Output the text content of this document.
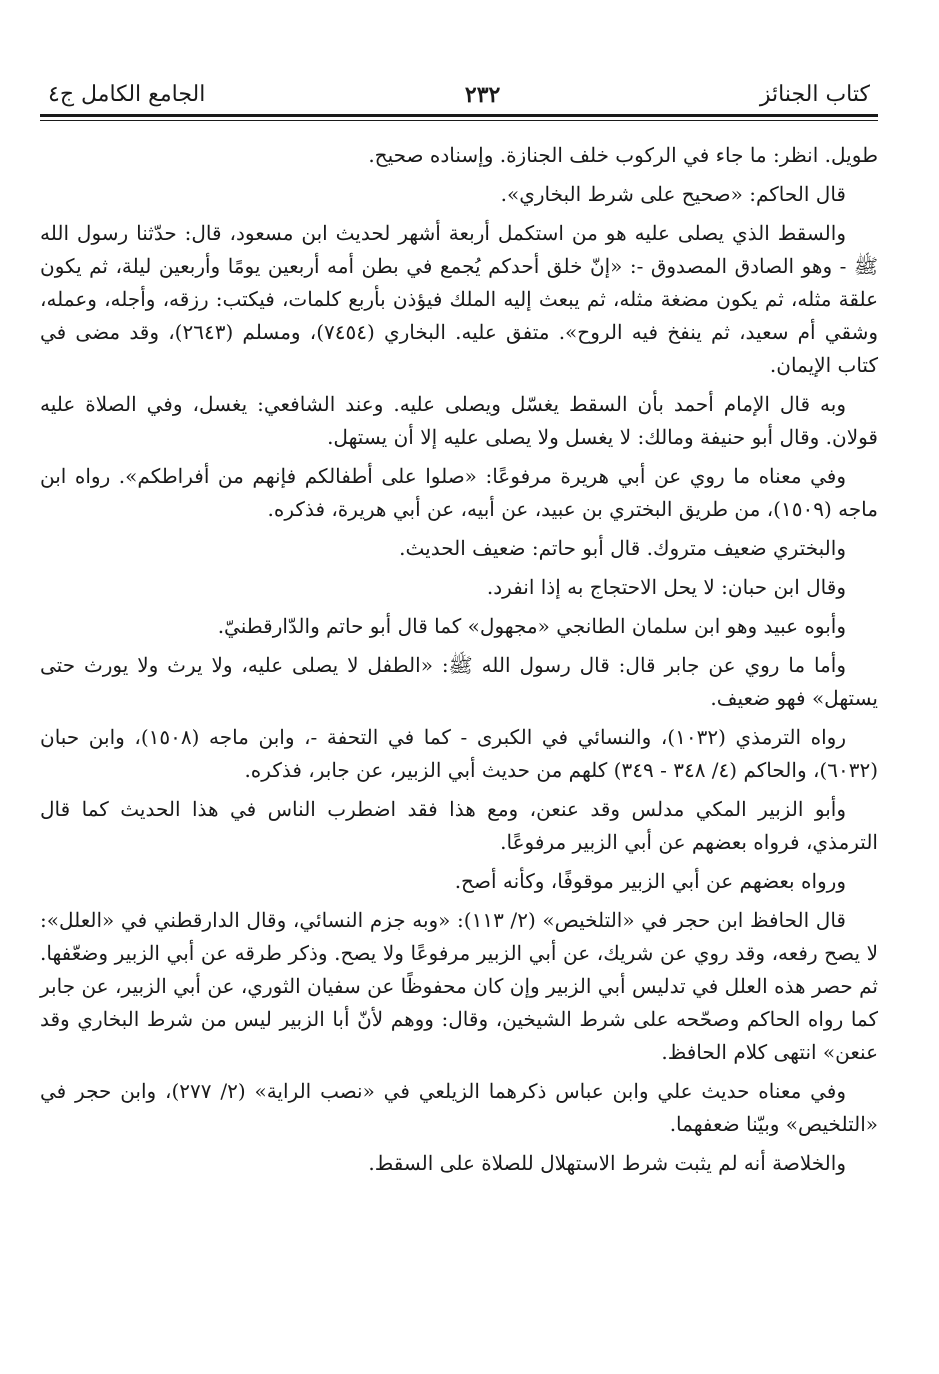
كتاب الجنائز
٢٣٢
الجامع الكامل ج٤

طويل. انظر: ما جاء في الركوب خلف الجنازة. وإسناده صحيح.

قال الحاكم: «صحيح على شرط البخاري».

والسقط الذي يصلى عليه هو من استكمل أربعة أشهر لحديث ابن مسعود، قال: حدّثنا رسول الله ﷺ - وهو الصادق المصدوق -: «إنّ خلق أحدكم يُجمع في بطن أمه أربعين يومًا وأربعين ليلة، ثم يكون علقة مثله، ثم يكون مضغة مثله، ثم يبعث إليه الملك فيؤذن بأربع كلمات، فيكتب: رزقه، وأجله، وعمله، وشقي أم سعيد، ثم ينفخ فيه الروح». متفق عليه. البخاري (٧٤٥٤)، ومسلم (٢٦٤٣)، وقد مضى في كتاب الإيمان.

وبه قال الإمام أحمد بأن السقط يغسّل ويصلى عليه. وعند الشافعي: يغسل، وفي الصلاة عليه قولان. وقال أبو حنيفة ومالك: لا يغسل ولا يصلى عليه إلا أن يستهل.

وفي معناه ما روي عن أبي هريرة مرفوعًا: «صلوا على أطفالكم فإنهم من أفراطكم». رواه ابن ماجه (١٥٠٩)، من طريق البختري بن عبيد، عن أبيه، عن أبي هريرة، فذكره.

والبختري ضعيف متروك. قال أبو حاتم: ضعيف الحديث.

وقال ابن حبان: لا يحل الاحتجاج به إذا انفرد.

وأبوه عبيد وهو ابن سلمان الطانجي «مجهول» كما قال أبو حاتم والدّارقطنيّ.

وأما ما روي عن جابر قال: قال رسول الله ﷺ: «الطفل لا يصلى عليه، ولا يرث ولا يورث حتى يستهل» فهو ضعيف.

رواه الترمذي (١٠٣٢)، والنسائي في الكبرى - كما في التحفة -، وابن ماجه (١٥٠٨)، وابن حبان (٦٠٣٢)، والحاكم (٤/ ٣٤٨ - ٣٤٩) كلهم من حديث أبي الزبير، عن جابر، فذكره.

وأبو الزبير المكي مدلس وقد عنعن، ومع هذا فقد اضطرب الناس في هذا الحديث كما قال الترمذي، فرواه بعضهم عن أبي الزبير مرفوعًا.

ورواه بعضهم عن أبي الزبير موقوفًا، وكأنه أصح.

قال الحافظ ابن حجر في «التلخيص» (٢/ ١١٣): «وبه جزم النسائي، وقال الدارقطني في «العلل»: لا يصح رفعه، وقد روي عن شريك، عن أبي الزبير مرفوعًا ولا يصح. وذكر طرقه عن أبي الزبير وضعّفها. ثم حصر هذه العلل في تدليس أبي الزبير وإن كان محفوظًا عن سفيان الثوري، عن أبي الزبير، عن جابر كما رواه الحاكم وصحّحه على شرط الشيخين، وقال: ووهم لأنّ أبا الزبير ليس من شرط البخاري وقد عنعن» انتهى كلام الحافظ.

وفي معناه حديث علي وابن عباس ذكرهما الزيلعي في «نصب الراية» (٢/ ٢٧٧)، وابن حجر في «التلخيص» وبيّنا ضعفهما.

والخلاصة أنه لم يثبت شرط الاستهلال للصلاة على السقط.
